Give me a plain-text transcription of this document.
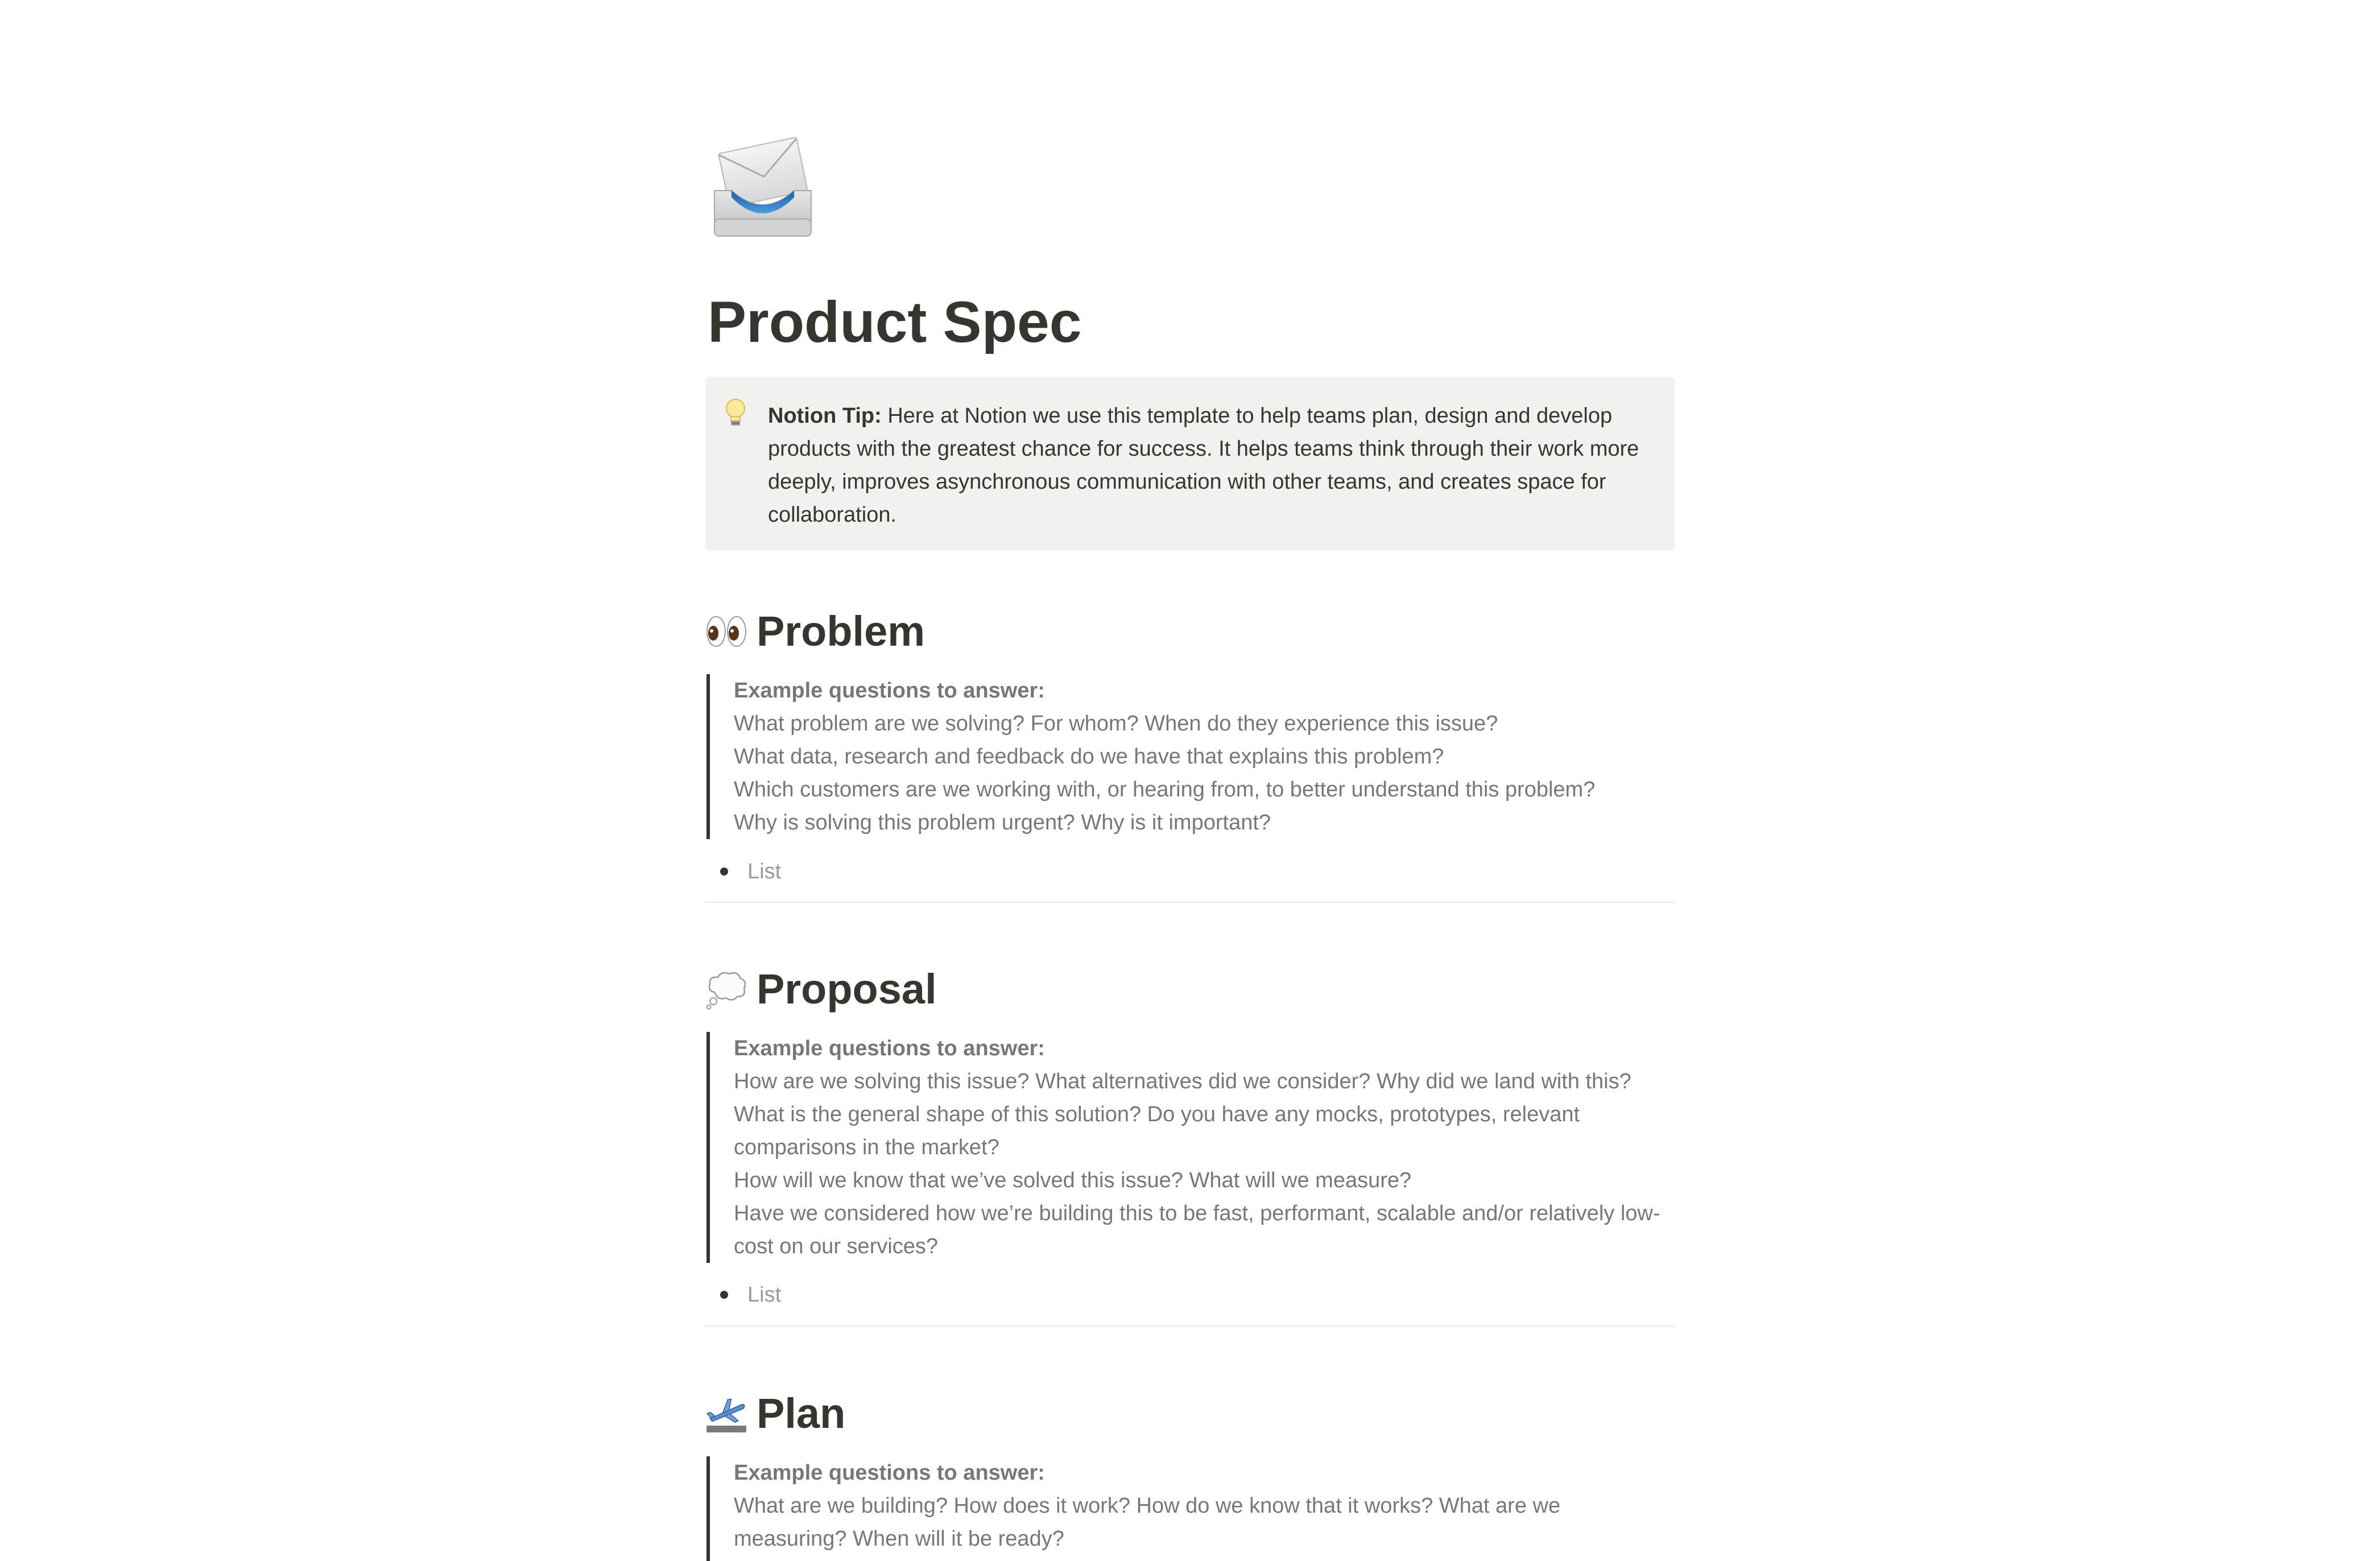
Product Spec

Notion Tip: Here at Notion we use this template to help teams plan, design and develop products with the greatest chance for success. It helps teams think through their work more deeply, improves asynchronous communication with other teams, and creates space for collaboration.

Problem
Example questions to answer:
What problem are we solving? For whom? When do they experience this issue?
What data, research and feedback do we have that explains this problem?
Which customers are we working with, or hearing from, to better understand this problem?
Why is solving this problem urgent? Why is it important?
List
Proposal
Example questions to answer:
How are we solving this issue? What alternatives did we consider? Why did we land with this?
What is the general shape of this solution? Do you have any mocks, prototypes, relevant comparisons in the market?
How will we know that we’ve solved this issue? What will we measure?
Have we considered how we’re building this to be fast, performant, scalable and/or relatively low-cost on our services?
List
Plan
Example questions to answer:
What are we building? How does it work? How do we know that it works? What are we measuring? When will it be ready?
